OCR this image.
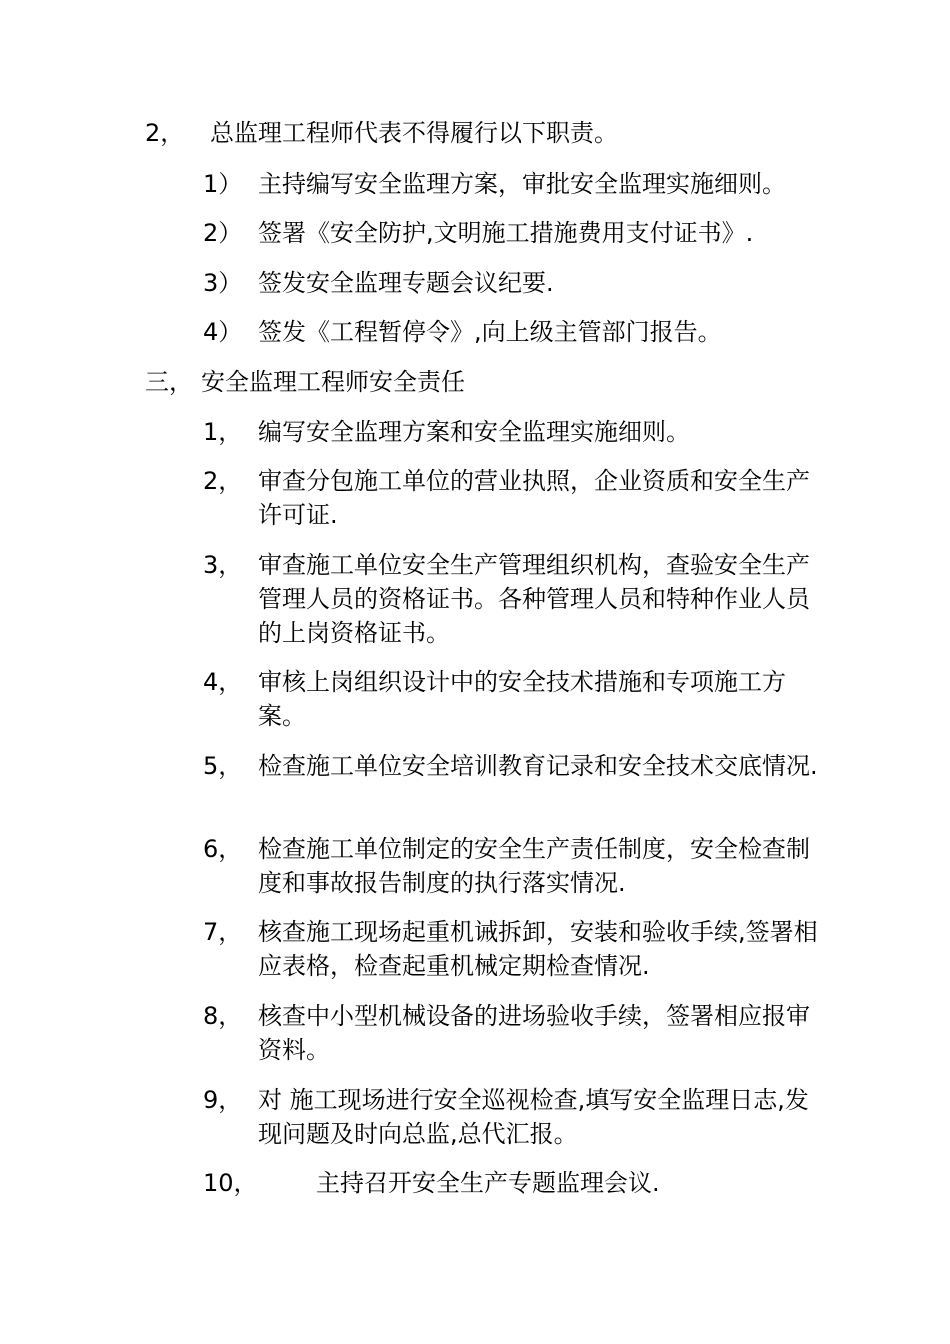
2， 总监理工程师代表不得履行以下职责。
1） 主持编写安全监理方案，审批安全监理实施细则。
2） 签署《安全防护,文明施工措施费用支付证书》.
3） 签发安全监理专题会议纪要.
4） 签发《工程暂停令》,向上级主管部门报告。
三， 安全监理工程师安全责任
1， 编写安全监理方案和安全监理实施细则。
2， 审查分包施工单位的营业执照，企业资质和安全生产许可证.
3， 审查施工单位安全生产管理组织机构，查验安全生产管理人员的资格证书。各种管理人员和特种作业人员的上岗资格证书。
4， 审核上岗组织设计中的安全技术措施和专项施工方案。
5， 检查施工单位安全培训教育记录和安全技术交底情况.
6， 检查施工单位制定的安全生产责任制度，安全检查制度和事故报告制度的执行落实情况.
7， 核查施工现场起重机诫拆卸，安装和验收手续,签署相应表格，检查起重机械定期检查情况.
8， 核查中小型机械设备的进场验收手续，签署相应报审资料。
9， 对 施工现场进行安全巡视检查,填写安全监理日志,发现问题及时向总监,总代汇报。
10， 主持召开安全生产专题监理会议.
